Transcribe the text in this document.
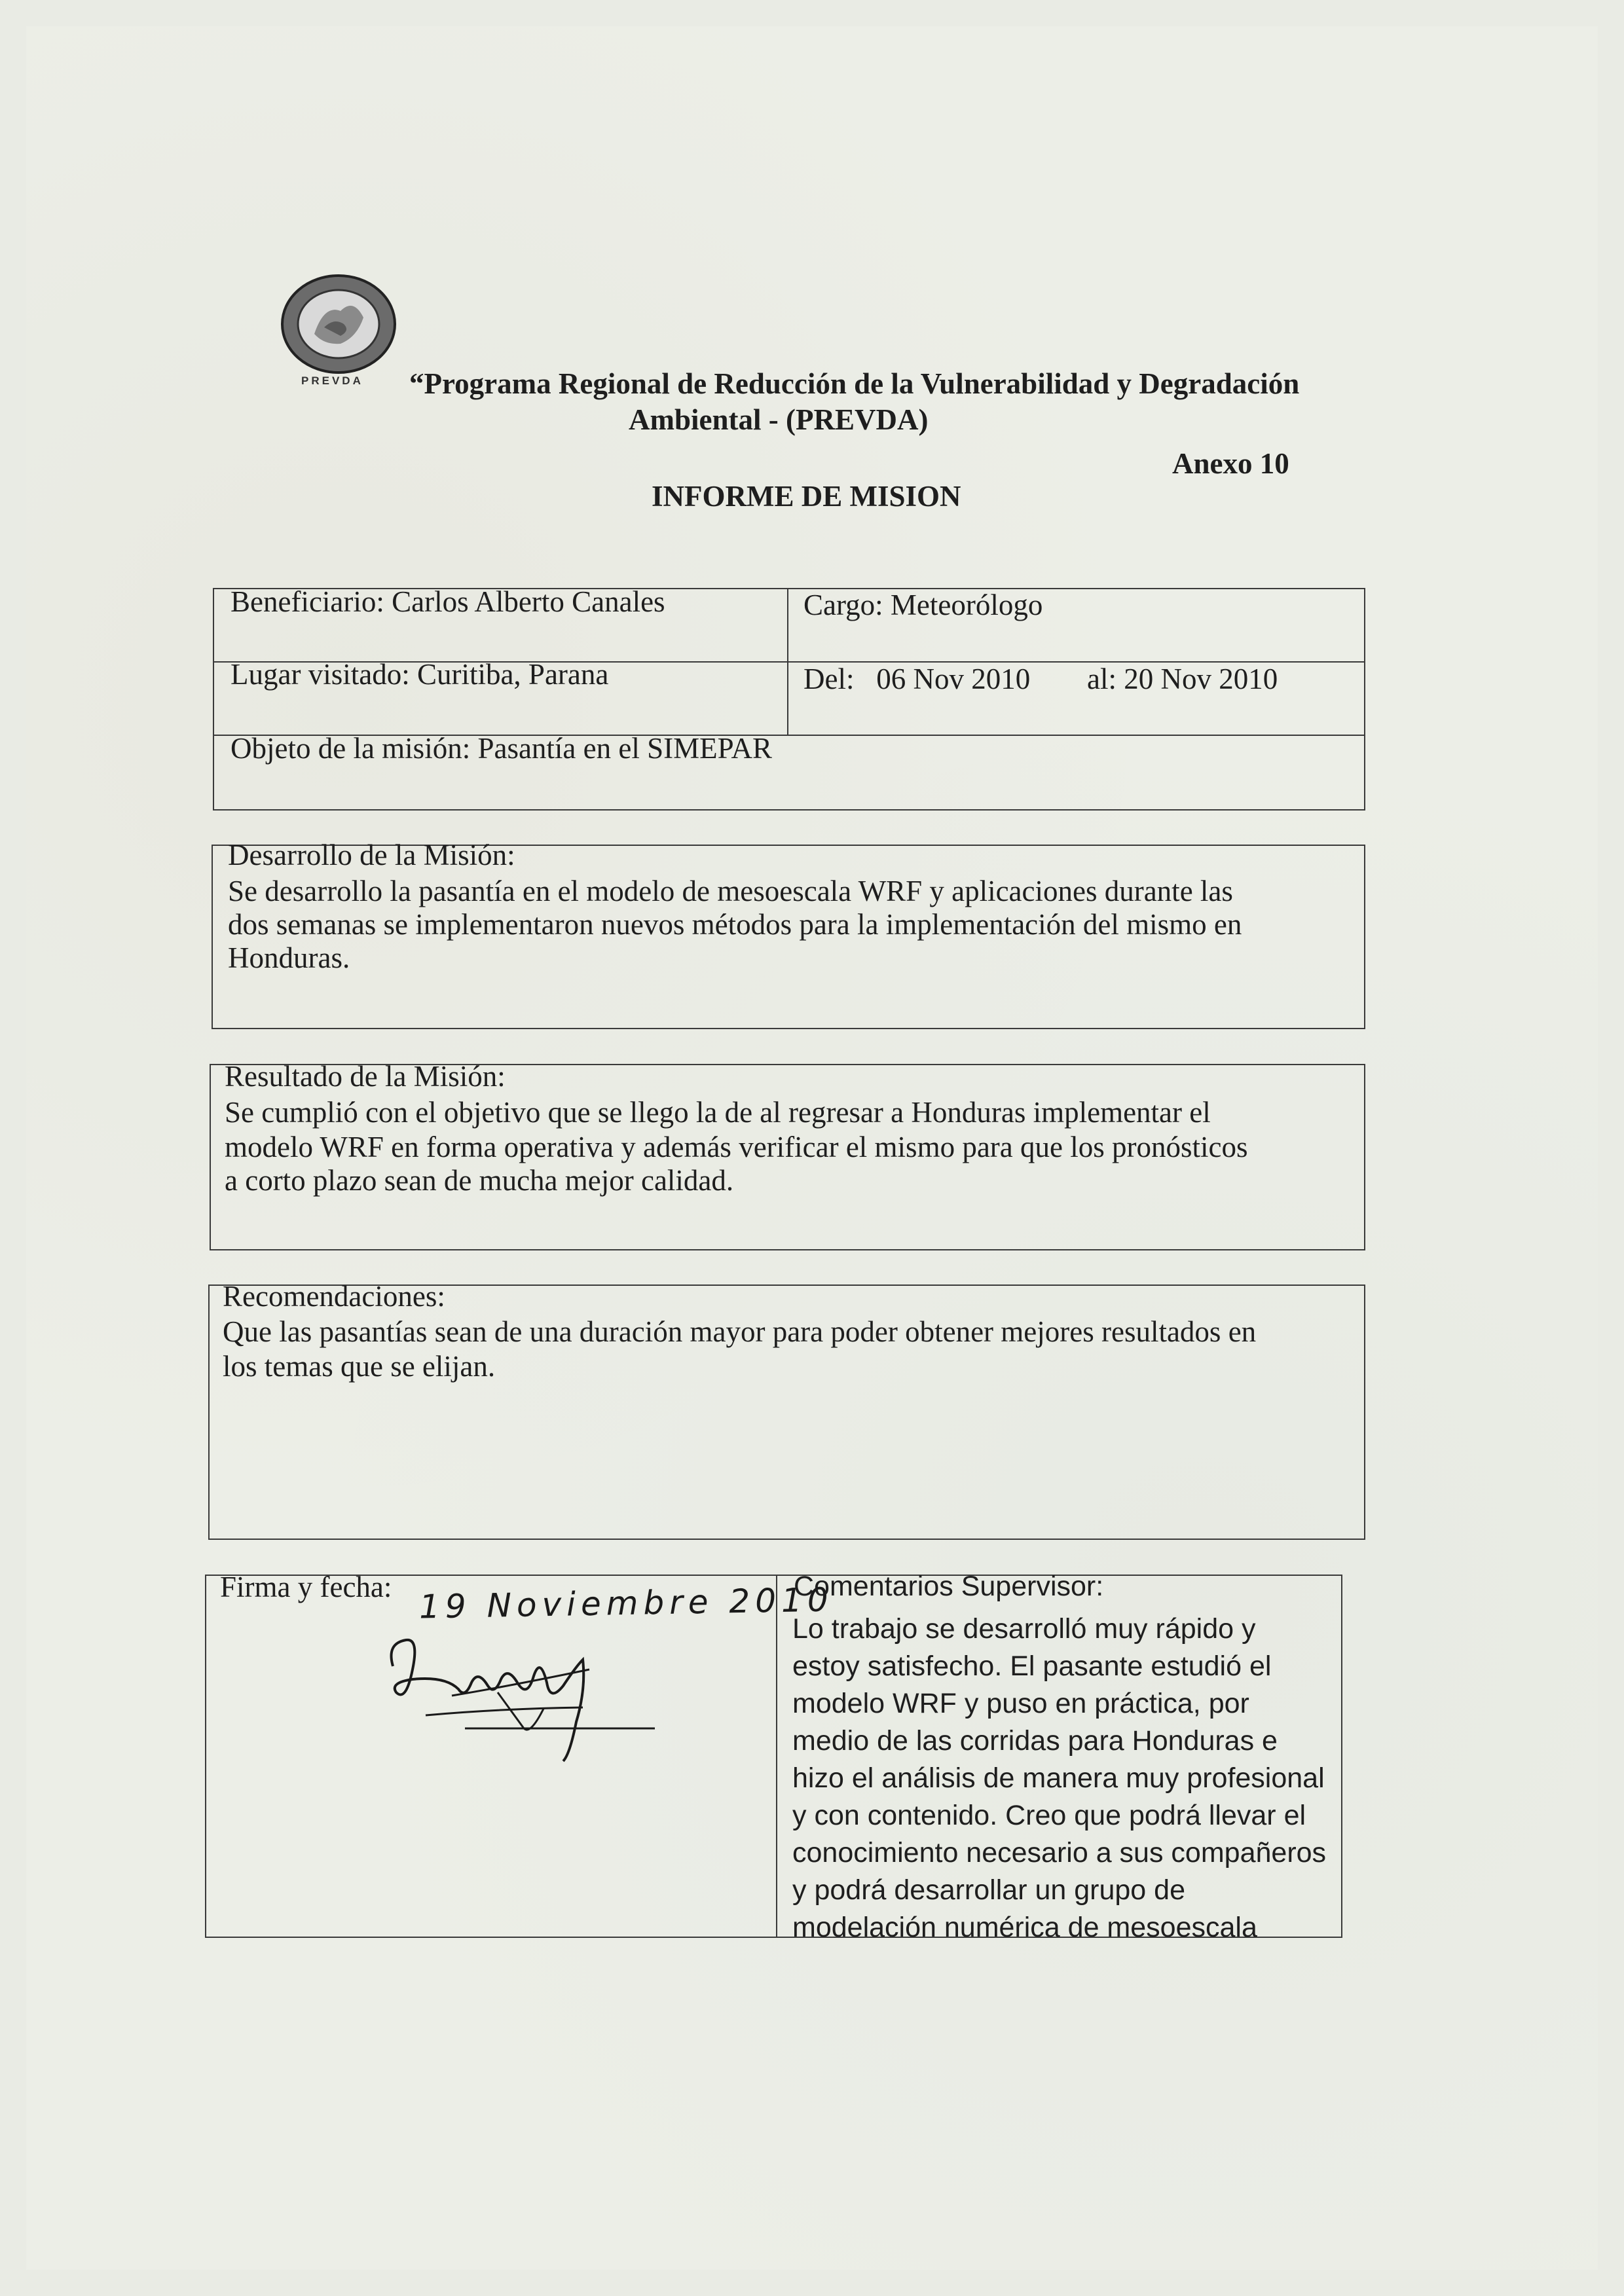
PREVDA “Programa Regional de Reducción de la Vulnerabilidad y Degradación
Ambiental - (PREVDA)
Anexo 10
INFORME DE MISION
Beneficiario: Carlos Alberto Canales	Cargo: Meteorólogo
Lugar visitado: Curitiba, Parana	Del:   06 Nov 2010 al: 20 Nov 2010
Objeto de la misión: Pasantía en el SIMEPAR
Desarrollo de la Misión:
Se desarrollo la pasantía en el modelo de mesoescala WRF y aplicaciones durante las
dos semanas se implementaron nuevos métodos para la implementación del mismo en
Honduras.
Resultado de la Misión:
Se cumplió con el objetivo que se llego la de al regresar a Honduras implementar el
modelo WRF en forma operativa y además verificar el mismo para que los pronósticos
a corto plazo sean de mucha mejor calidad.
Recomendaciones:
Que las pasantías sean de una duración mayor para poder obtener mejores resultados en
los temas que se elijan.
Firma y fecha: 19 Noviembre 2010
Comentarios Supervisor:
Lo trabajo se desarrolló muy rápido y
estoy satisfecho. El pasante estudió el
modelo WRF y puso en práctica, por
medio de las corridas para Honduras e
hizo el análisis de manera muy profesional
y con contenido. Creo que podrá llevar el
conocimiento necesario a sus compañeros
y podrá desarrollar un grupo de
modelación numérica de mesoescala
